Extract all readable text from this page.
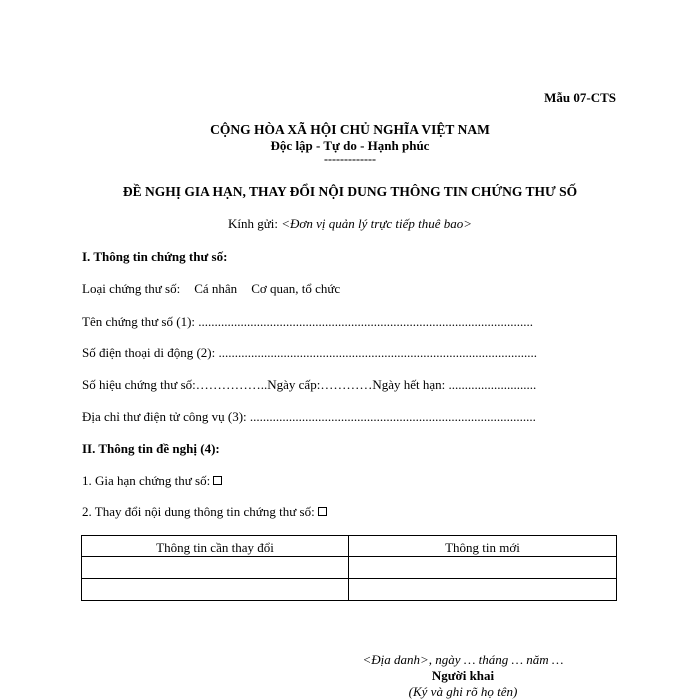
Mẫu 07-CTS
CỘNG HÒA XÃ HỘI CHỦ NGHĨA VIỆT NAM
Độc lập - Tự do - Hạnh phúc
-------------
ĐỀ NGHỊ GIA HẠN, THAY ĐỔI NỘI DUNG THÔNG TIN CHỨNG THƯ SỐ
Kính gửi: <Đơn vị quản lý trực tiếp thuê bao>
I. Thông tin chứng thư số:
Loại chứng thư số: Cá nhân Cơ quan, tổ chức
Tên chứng thư số (1): .......................................................................................................
Số điện thoại di động (2): ..................................................................................................
Số hiệu chứng thư số:……………..Ngày cấp:…………Ngày hết hạn: ...........................
Địa chỉ thư điện tử công vụ (3): ........................................................................................
II. Thông tin đề nghị (4):
1. Gia hạn chứng thư số:
2. Thay đổi nội dung thông tin chứng thư số:
Thông tin cần thay đổi	Thông tin mới

<Địa danh>, ngày … tháng … năm …
Người khai
(Ký và ghi rõ họ tên)
